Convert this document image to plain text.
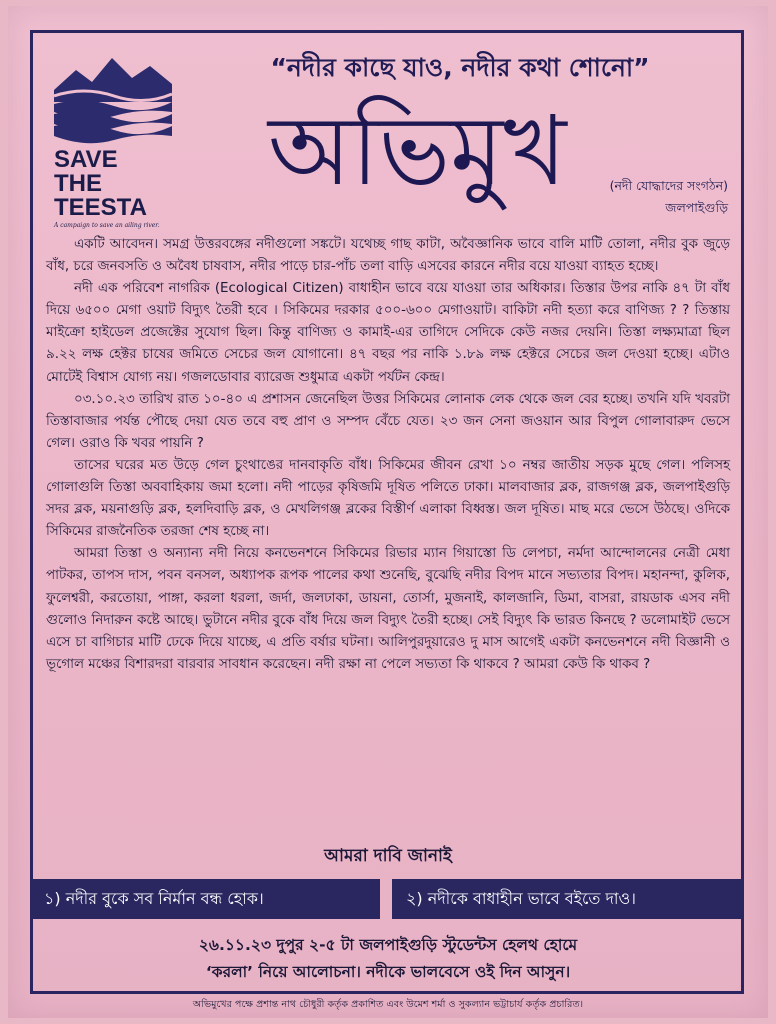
SAVE THE
TEESTA
A campaign to save an ailing river.
“নদীর কাছে যাও, নদীর কথা শোনো”
অভিমুখ	(নদী যোদ্ধাদের সংগঠন)
জলপাইগুড়ি

একটি আবেদন। সমগ্র উত্তরবঙ্গের নদীগুলো সঙ্কটে। যথেচ্ছ গাছ কাটা, অবৈজ্ঞানিক ভাবে বালি মাটি তোলা, নদীর বুক জুড়ে বাঁধ, চরে জনবসতি ও অবৈধ চাষবাস, নদীর পাড়ে চার-পাঁচ তলা বাড়ি এসবের কারনে নদীর বয়ে যাওয়া ব্যাহত হচ্ছে।

নদী এক পরিবেশ নাগরিক (Ecological Citizen) বাধাহীন ভাবে বয়ে যাওয়া তার অধিকার। তিস্তার উপর নাকি ৪৭ টা বাঁধ দিয়ে ৬৫০০ মেগা ওয়াট বিদ্যুৎ তৈরী হবে । সিকিমের দরকার ৫০০-৬০০ মেগাওয়াট। বাকিটা নদী হত্যা করে বাণিজ্য ? ? তিস্তায় মাইক্রো হাইডেল প্রজেক্টের সুযোগ ছিল। কিন্তু বাণিজ্য ও কামাই-এর তাগিদে সেদিকে কেউ নজর দেয়নি। তিস্তা লক্ষ্যমাত্রা ছিল ৯.২২ লক্ষ হেক্টর চাষের জমিতে সেচের জল যোগানো। ৪৭ বছর পর নাকি ১.৮৯ লক্ষ হেক্টরে সেচের জল দেওয়া হচ্ছে। এটাও মোটেই বিশ্বাস যোগ্য নয়। গজলডোবার ব্যারেজ শুধুমাত্র একটা পর্যটন কেন্দ্র।

০৩.১০.২৩ তারিখ রাত ১০-৪০ এ প্রশাসন জেনেছিল উত্তর সিকিমের লোনাক লেক থেকে জল বের হচ্ছে। তখনি যদি খবরটা তিস্তাবাজার পর্যন্ত পৌছে দেয়া যেত তবে বহু প্রাণ ও সম্পদ বেঁচে যেত। ২৩ জন সেনা জওয়ান আর বিপুল গোলাবারুদ ভেসে গেল। ওরাও কি খবর পায়নি ?

তাসের ঘরের মত উড়ে গেল চুংথাঙের দানবাকৃতি বাঁধ। সিকিমের জীবন রেখা ১০ নম্বর জাতীয় সড়ক মুছে গেল। পলিসহ গোলাগুলি তিস্তা অববাহিকায় জমা হলো। নদী পাড়ের কৃষিজমি দূষিত পলিতে ঢাকা। মালবাজার ব্লক, রাজগঞ্জ ব্লক, জলপাইগুড়ি সদর ব্লক, ময়নাগুড়ি ব্লক, হলদিবাড়ি ব্লক, ও মেখলিগঞ্জ ব্লকের বিস্তীর্ণ এলাকা বিধ্বস্ত। জল দূষিত। মাছ মরে ভেসে উঠছে। ওদিকে সিকিমের রাজনৈতিক তরজা শেষ হচ্ছে না।

আমরা তিস্তা ও অন্যান্য নদী নিয়ে কনভেনশনে সিকিমের রিভার ম্যান গিয়াস্তো ডি লেপচা, নর্মদা আন্দোলনের নেত্রী মেধা পাটকর, তাপস দাস, পবন বনসল, অধ্যাপক রূপক পালের কথা শুনেছি, বুঝেছি নদীর বিপদ মানে সভ্যতার বিপদ। মহানন্দা, কুলিক, ফুলেশ্বরী, করতোয়া, পাঙ্গা, করলা ধরলা, জর্দা, জলঢাকা, ডায়না, তোর্সা, মুজনাই, কালজানি, ডিমা, বাসরা, রায়ডাক এসব নদী গুলোও নিদারুন কষ্টে আছে। ভুটানে নদীর বুকে বাঁধ দিয়ে জল বিদ্যুৎ তৈরী হচ্ছে। সেই বিদ্যুৎ কি ভারত কিনছে ? ডলোমাইট ভেসে এসে চা বাগিচার মাটি ঢেকে দিয়ে যাচ্ছে, এ প্রতি বর্ষার ঘটনা। আলিপুরদুয়ারেও দু মাস আগেই একটা কনভেনশনে নদী বিজ্ঞানী ও ভূগোল মঞ্চের বিশারদরা বারবার সাবধান করেছেন। নদী রক্ষা না পেলে সভ্যতা কি থাকবে ? আমরা কেউ কি থাকব ?

আমরা দাবি জানাই
১) নদীর বুকে সব নির্মান বন্ধ হোক।	২) নদীকে বাধাহীন ভাবে বইতে দাও।
২৬.১১.২৩ দুপুর ২-৫ টা জলপাইগুড়ি স্টুডেন্টস হেলথ হোমে
‘করলা’ নিয়ে আলোচনা। নদীকে ভালবেসে ওই দিন আসুন।
অভিমুখের পক্ষে প্রশান্ত নাথ চৌধুরী কর্তৃক প্রকাশিত এবং উমেশ শর্মা ও সুকল্যান ভট্টাচার্য কর্তৃক প্রচারিত।
